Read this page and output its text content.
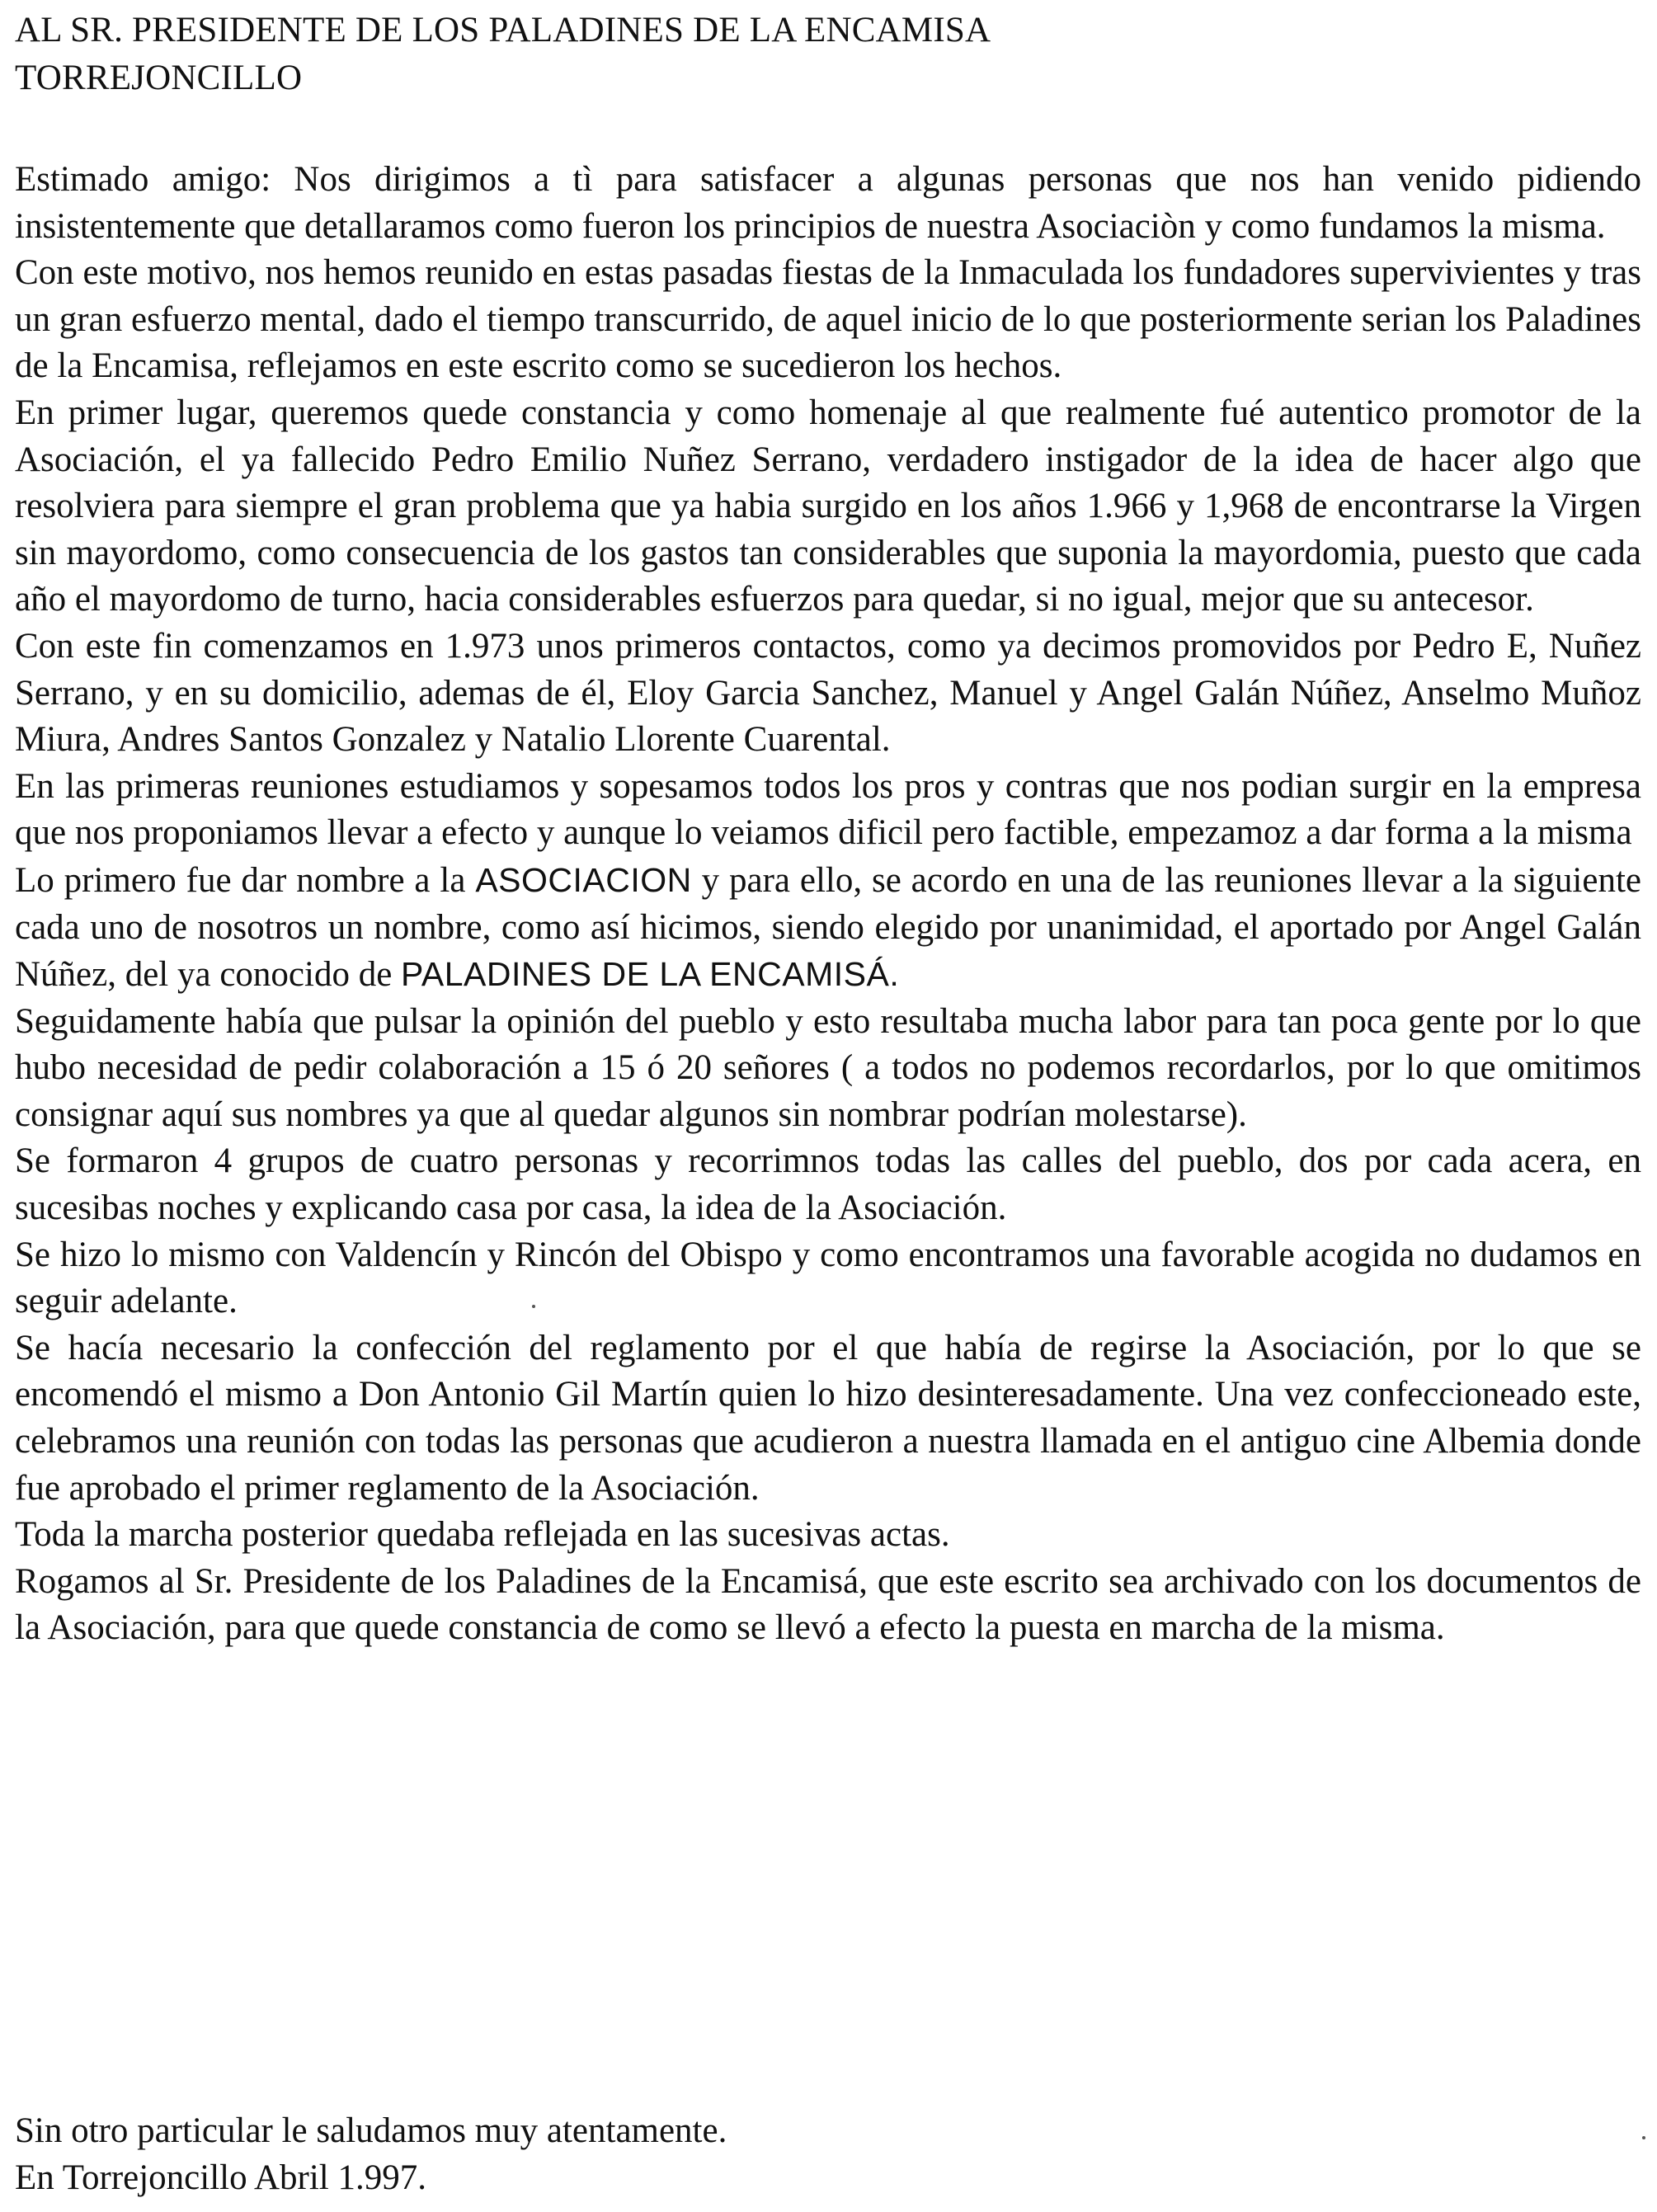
AL SR. PRESIDENTE DE LOS PALADINES DE LA ENCAMISA
TORREJONCILLO

Estimado amigo: Nos dirigimos a tì para satisfacer a algunas personas que nos han venido pidiendo insistentemente que detallaramos como fueron los principios de nuestra Asociaciòn y como fundamos la misma.

Con este motivo, nos hemos reunido en estas pasadas fiestas de la Inmaculada los fundadores supervivientes y tras un gran esfuerzo mental, dado el tiempo transcurrido, de aquel inicio de lo que posteriormente serian los Paladines de la Encamisa, reflejamos en este escrito como se sucedieron los hechos.

En primer lugar, queremos quede constancia y como homenaje al que realmente fué autentico promotor de la Asociación, el ya fallecido Pedro Emilio Nuñez Serrano, verdadero instigador de la idea de hacer algo que resolviera para siempre el gran problema que ya habia surgido en los años 1.966 y 1,968 de encontrarse la Virgen sin mayordomo, como consecuencia de los gastos tan considerables que suponia la mayordomia, puesto que cada año el mayordomo de turno, hacia considerables esfuerzos para quedar, si no igual, mejor que su antecesor.

Con este fin comenzamos en 1.973 unos primeros contactos, como ya decimos promovidos por Pedro E, Nuñez Serrano, y en su domicilio, ademas de él, Eloy Garcia Sanchez, Manuel y Angel Galán Núñez, Anselmo Muñoz Miura, Andres Santos Gonzalez y Natalio Llorente Cuarental.

En las primeras reuniones estudiamos y sopesamos todos los pros y contras que nos podian surgir en la empresa que nos proponiamos llevar a efecto y aunque lo veiamos dificil pero factible, empezamoz a dar forma a la misma

Lo primero fue dar nombre a la ASOCIACION y para ello, se acordo en una de las reuniones llevar a la siguiente cada uno de nosotros un nombre, como así hicimos, siendo elegido por unanimidad, el aportado por Angel Galán Núñez, del ya conocido de PALADINES DE LA ENCAMISÁ.

Seguidamente había que pulsar la opinión del pueblo y esto resultaba mucha labor para tan poca gente por lo que hubo necesidad de pedir colaboración a 15 ó 20 señores ( a todos no podemos recordarlos, por lo que omitimos consignar aquí sus nombres ya que al quedar algunos sin nombrar podrían molestarse).

Se formaron 4 grupos de cuatro personas y recorrimnos todas las calles del pueblo, dos por cada acera, en sucesibas noches y explicando casa por casa, la idea de la Asociación.

Se hizo lo mismo con Valdencín y Rincón del Obispo y como encontramos una favorable acogida no dudamos en seguir adelante.

Se hacía necesario la confección del reglamento por el que había de regirse la Asociación, por lo que se encomendó el mismo a Don Antonio Gil Martín quien lo hizo desinteresadamente. Una vez confeccioneado este, celebramos una reunión con todas las personas que acudieron a nuestra llamada en el antiguo cine Albemia donde fue aprobado el primer reglamento de la Asociación.

Toda la marcha posterior quedaba reflejada en las sucesivas actas.

Rogamos al Sr. Presidente de los Paladines de la Encamisá, que este escrito sea archivado con los documentos de la Asociación, para que quede constancia de como se llevó a efecto la puesta en marcha de la misma.

Sin otro particular le saludamos muy atentamente.
En Torrejoncillo Abril 1.997.
